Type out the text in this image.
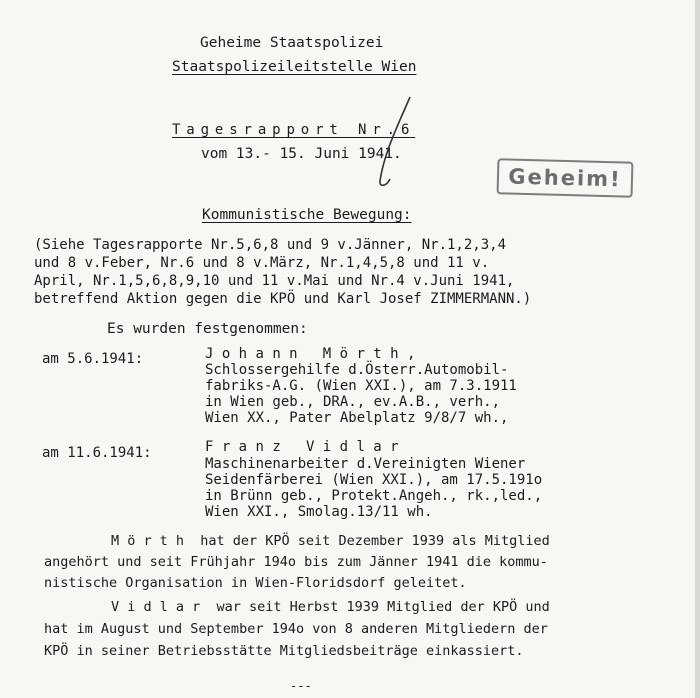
Geheime Staatspolizei
Staatspolizeileitstelle Wien
Tagesrapport Nr.6
vom 13.- 15. Juni 1941.
Geheim!
Kommunistische Bewegung:
(Siehe Tagesrapporte Nr.5,6,8 und 9 v.Jänner, Nr.1,2,3,4
und 8 v.Feber, Nr.6 und 8 v.März, Nr.1,4,5,8 und 11 v.
April, Nr.1,5,6,8,9,10 und 11 v.Mai und Nr.4 v.Juni 1941,
betreffend Aktion gegen die KPÖ und Karl Josef ZIMMERMANN.)
Es wurden festgenommen:
am 5.6.1941:	Johann Mörth,
Schlossergehilfe d.Österr.Automobil-
fabriks-A.G. (Wien XXI.), am 7.3.1911
in Wien geb., DRA., ev.A.B., verh.,
Wien XX., Pater Abelplatz 9/8/7 wh.,
am 11.6.1941:	Franz Vidlar
Maschinenarbeiter d.Vereinigten Wiener
Seidenfärberei (Wien XXI.), am 17.5.191o
in Brünn geb., Protekt.Angeh., rk.,led.,
Wien XXI., Smolag.13/11 wh.
Mörth hat der KPÖ seit Dezember 1939 als Mitglied
angehört und seit Frühjahr 194o bis zum Jänner 1941 die kommu-
nistische Organisation in Wien-Floridsdorf geleitet.
Vidlar war seit Herbst 1939 Mitglied der KPÖ und
hat im August und September 194o von 8 anderen Mitgliedern der
KPÖ in seiner Betriebsstätte Mitgliedsbeiträge einkassiert.
---
